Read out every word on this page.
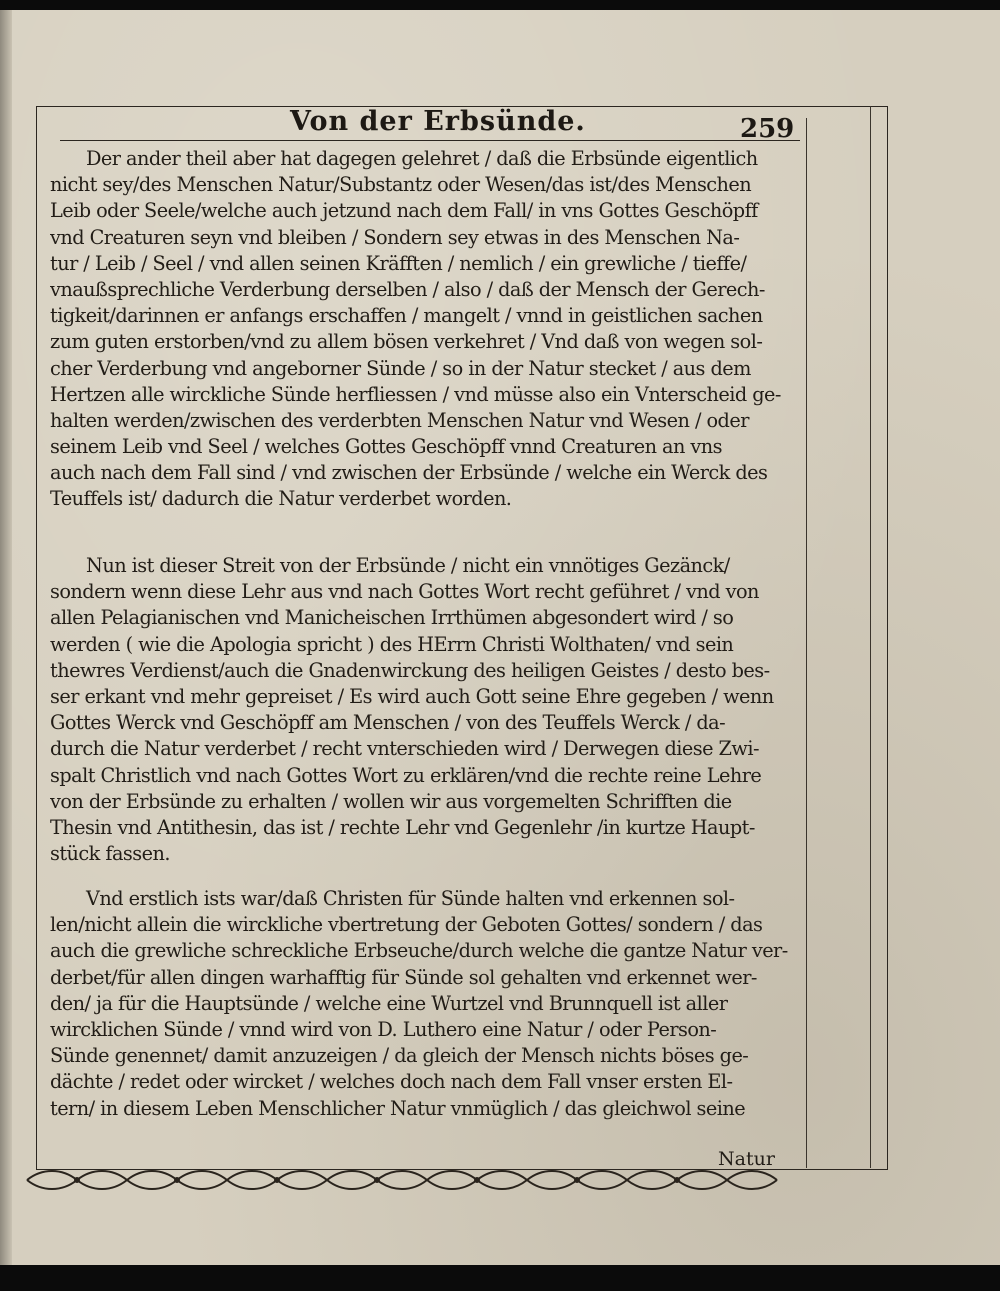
Von der Erbsünde.	259
Der ander theil aber hat dagegen gelehret / daß die Erbsünde eigentlich
nicht sey/des Menschen Natur/Substantz oder Wesen/das ist/des Menschen
Leib oder Seele/welche auch jetzund nach dem Fall/ in vns Gottes Geschöpff
vnd Creaturen seyn vnd bleiben / Sondern sey etwas in des Menschen Na-
tur / Leib / Seel / vnd allen seinen Kräfften / nemlich / ein grewliche / tieffe/
vnaußsprechliche Verderbung derselben / also / daß der Mensch der Gerech-
tigkeit/darinnen er anfangs erschaffen / mangelt / vnnd in geistlichen sachen
zum guten erstorben/vnd zu allem bösen verkehret / Vnd daß von wegen sol-
cher Verderbung vnd angeborner Sünde / so in der Natur stecket / aus dem
Hertzen alle wirckliche Sünde herfliessen / vnd müsse also ein Vnterscheid ge-
halten werden/zwischen des verderbten Menschen Natur vnd Wesen / oder
seinem Leib vnd Seel / welches Gottes Geschöpff vnnd Creaturen an vns
auch nach dem Fall sind / vnd zwischen der Erbsünde / welche ein Werck des
Teuffels ist/ dadurch die Natur verderbet worden.
Nun ist dieser Streit von der Erbsünde / nicht ein vnnötiges Gezänck/
sondern wenn diese Lehr aus vnd nach Gottes Wort recht geführet / vnd von
allen Pelagianischen vnd Manicheischen Irrthümen abgesondert wird / so
werden ( wie die Apologia spricht ) des HErrn Christi Wolthaten/ vnd sein
thewres Verdienst/auch die Gnadenwirckung des heiligen Geistes / desto bes-
ser erkant vnd mehr gepreiset / Es wird auch Gott seine Ehre gegeben / wenn
Gottes Werck vnd Geschöpff am Menschen / von des Teuffels Werck / da-
durch die Natur verderbet / recht vnterschieden wird / Derwegen diese Zwi-
spalt Christlich vnd nach Gottes Wort zu erklären/vnd die rechte reine Lehre
von der Erbsünde zu erhalten / wollen wir aus vorgemelten Schrifften die
Thesin vnd Antithesin, das ist / rechte Lehr vnd Gegenlehr /in kurtze Haupt-
stück fassen.
Vnd erstlich ists war/daß Christen für Sünde halten vnd erkennen sol-
len/nicht allein die wirckliche vbertretung der Geboten Gottes/ sondern / das
auch die grewliche schreckliche Erbseuche/durch welche die gantze Natur ver-
derbet/für allen dingen warhafftig für Sünde sol gehalten vnd erkennet wer-
den/ ja für die Hauptsünde / welche eine Wurtzel vnd Brunnquell ist aller
wircklichen Sünde / vnnd wird von D. Luthero eine Natur / oder Person-
Sünde genennet/ damit anzuzeigen / da gleich der Mensch nichts böses ge-
dächte / redet oder wircket / welches doch nach dem Fall vnser ersten El-
tern/ in diesem Leben Menschlicher Natur vnmüglich / das gleichwol seine
Natur
